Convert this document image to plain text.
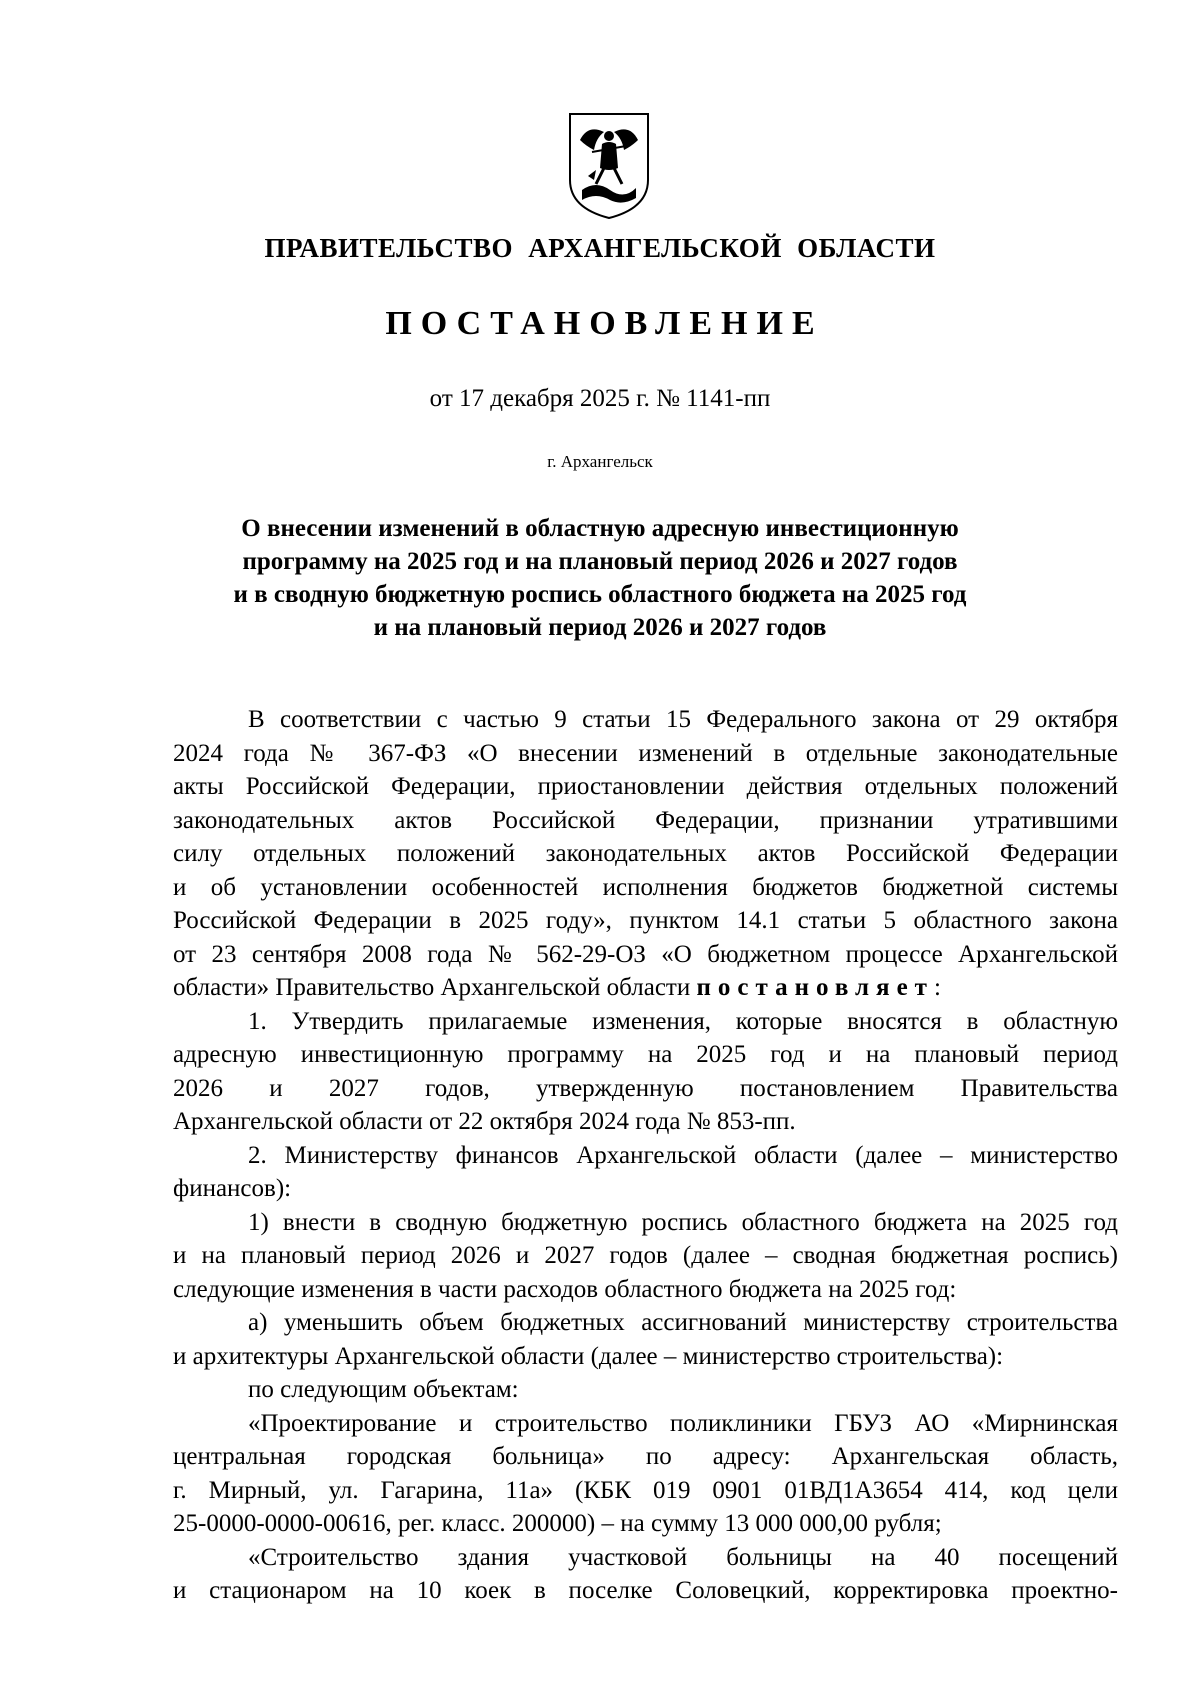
ПРАВИТЕЛЬСТВО АРХАНГЕЛЬСКОЙ ОБЛАСТИ
ПОСТАНОВЛЕНИЕ
от 17 декабря 2025 г. № 1141-пп
г. Архангельск
О внесении изменений в областную адресную инвестиционную
программу на 2025 год и на плановый период 2026 и 2027 годов
и в сводную бюджетную роспись областного бюджета на 2025 год
и на плановый период 2026 и 2027 годов
В соответствии с частью 9 статьи 15 Федерального закона от 29 октября
2024 года № 367-ФЗ «О внесении изменений в отдельные законодательные
акты Российской Федерации, приостановлении действия отдельных положений
законодательных актов Российской Федерации, признании утратившими
силу отдельных положений законодательных актов Российской Федерации
и об установлении особенностей исполнения бюджетов бюджетной системы
Российской Федерации в 2025 году», пунктом 14.1 статьи 5 областного закона
от 23 сентября 2008 года № 562-29-ОЗ «О бюджетном процессе Архангельской
области» Правительство Архангельской области постановляет:
1. Утвердить прилагаемые изменения, которые вносятся в областную
адресную инвестиционную программу на 2025 год и на плановый период
2026 и 2027 годов, утвержденную постановлением Правительства
Архангельской области от 22 октября 2024 года № 853-пп.
2. Министерству финансов Архангельской области (далее – министерство
финансов):
1) внести в сводную бюджетную роспись областного бюджета на 2025 год
и на плановый период 2026 и 2027 годов (далее – сводная бюджетная роспись)
следующие изменения в части расходов областного бюджета на 2025 год:
а) уменьшить объем бюджетных ассигнований министерству строительства
и архитектуры Архангельской области (далее – министерство строительства):
по следующим объектам:
«Проектирование и строительство поликлиники ГБУЗ АО «Мирнинская
центральная городская больница» по адресу: Архангельская область,
г. Мирный, ул. Гагарина, 11а» (КБК 019 0901 01ВД1А3654 414, код цели
25-0000-0000-00616, рег. класс. 200000) – на сумму 13 000 000,00 рубля;
«Строительство здания участковой больницы на 40 посещений
и стационаром на 10 коек в поселке Соловецкий, корректировка проектно-
